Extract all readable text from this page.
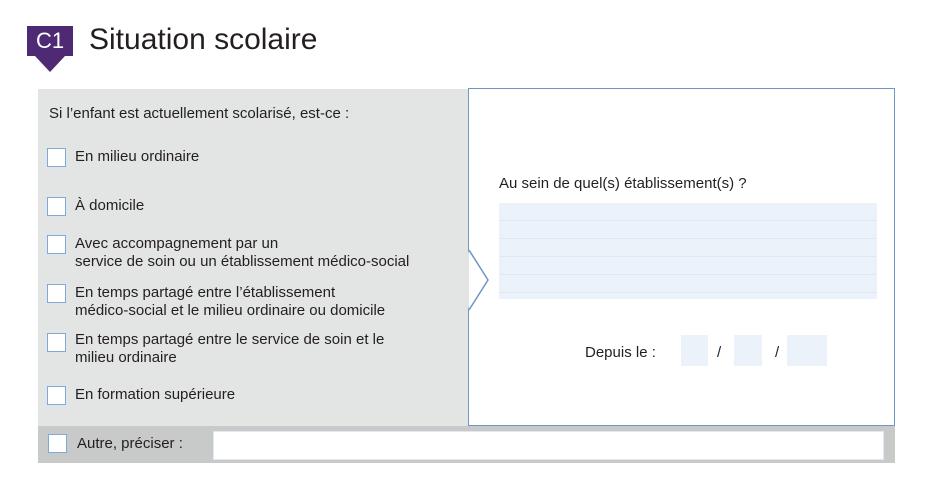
C1 Situation scolaire
Si l’enfant est actuellement scolarisé, est-ce :
En milieu ordinaire
À domicile
Avec accompagnement par un
service de soin ou un établissement médico-social
En temps partagé entre l’établissement
médico-social et le milieu ordinaire ou domicile
En temps partagé entre le service de soin et le
milieu ordinaire
En formation supérieure
Au sein de quel(s) établissement(s) ?
Depuis le :	/	/
Autre, préciser :
